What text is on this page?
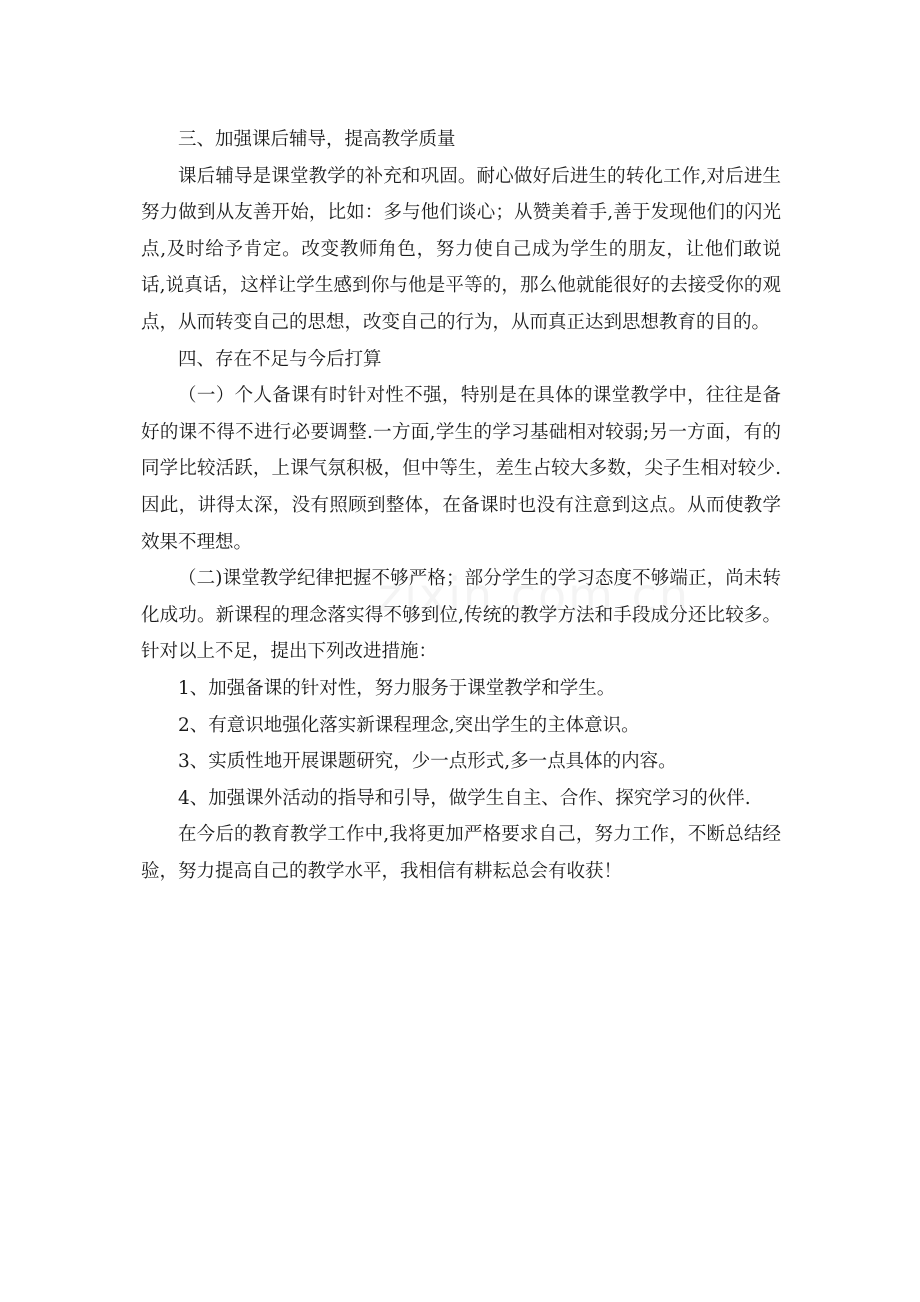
三、加强课后辅导，提高教学质量

课后辅导是课堂教学的补充和巩固。耐心做好后进生的转化工作,对后进生努力做到从友善开始，比如：多与他们谈心；从赞美着手,善于发现他们的闪光点,及时给予肯定。改变教师角色，努力使自己成为学生的朋友，让他们敢说话,说真话，这样让学生感到你与他是平等的，那么他就能很好的去接受你的观点，从而转变自己的思想，改变自己的行为，从而真正达到思想教育的目的。

四、存在不足与今后打算

（一）个人备课有时针对性不强，特别是在具体的课堂教学中，往往是备好的课不得不进行必要调整.一方面,学生的学习基础相对较弱;另一方面，有的同学比较活跃，上课气氛积极，但中等生，差生占较大多数，尖子生相对较少.因此，讲得太深，没有照顾到整体，在备课时也没有注意到这点。从而使教学效果不理想。

（二)课堂教学纪律把握不够严格；部分学生的学习态度不够端正，尚未转化成功。新课程的理念落实得不够到位,传统的教学方法和手段成分还比较多。针对以上不足，提出下列改进措施：

1、加强备课的针对性，努力服务于课堂教学和学生。

2、有意识地强化落实新课程理念,突出学生的主体意识。

3、实质性地开展课题研究，少一点形式,多一点具体的内容。

4、加强课外活动的指导和引导，做学生自主、合作、探究学习的伙伴.

在今后的教育教学工作中,我将更加严格要求自己，努力工作，不断总结经验，努力提高自己的教学水平，我相信有耕耘总会有收获！
